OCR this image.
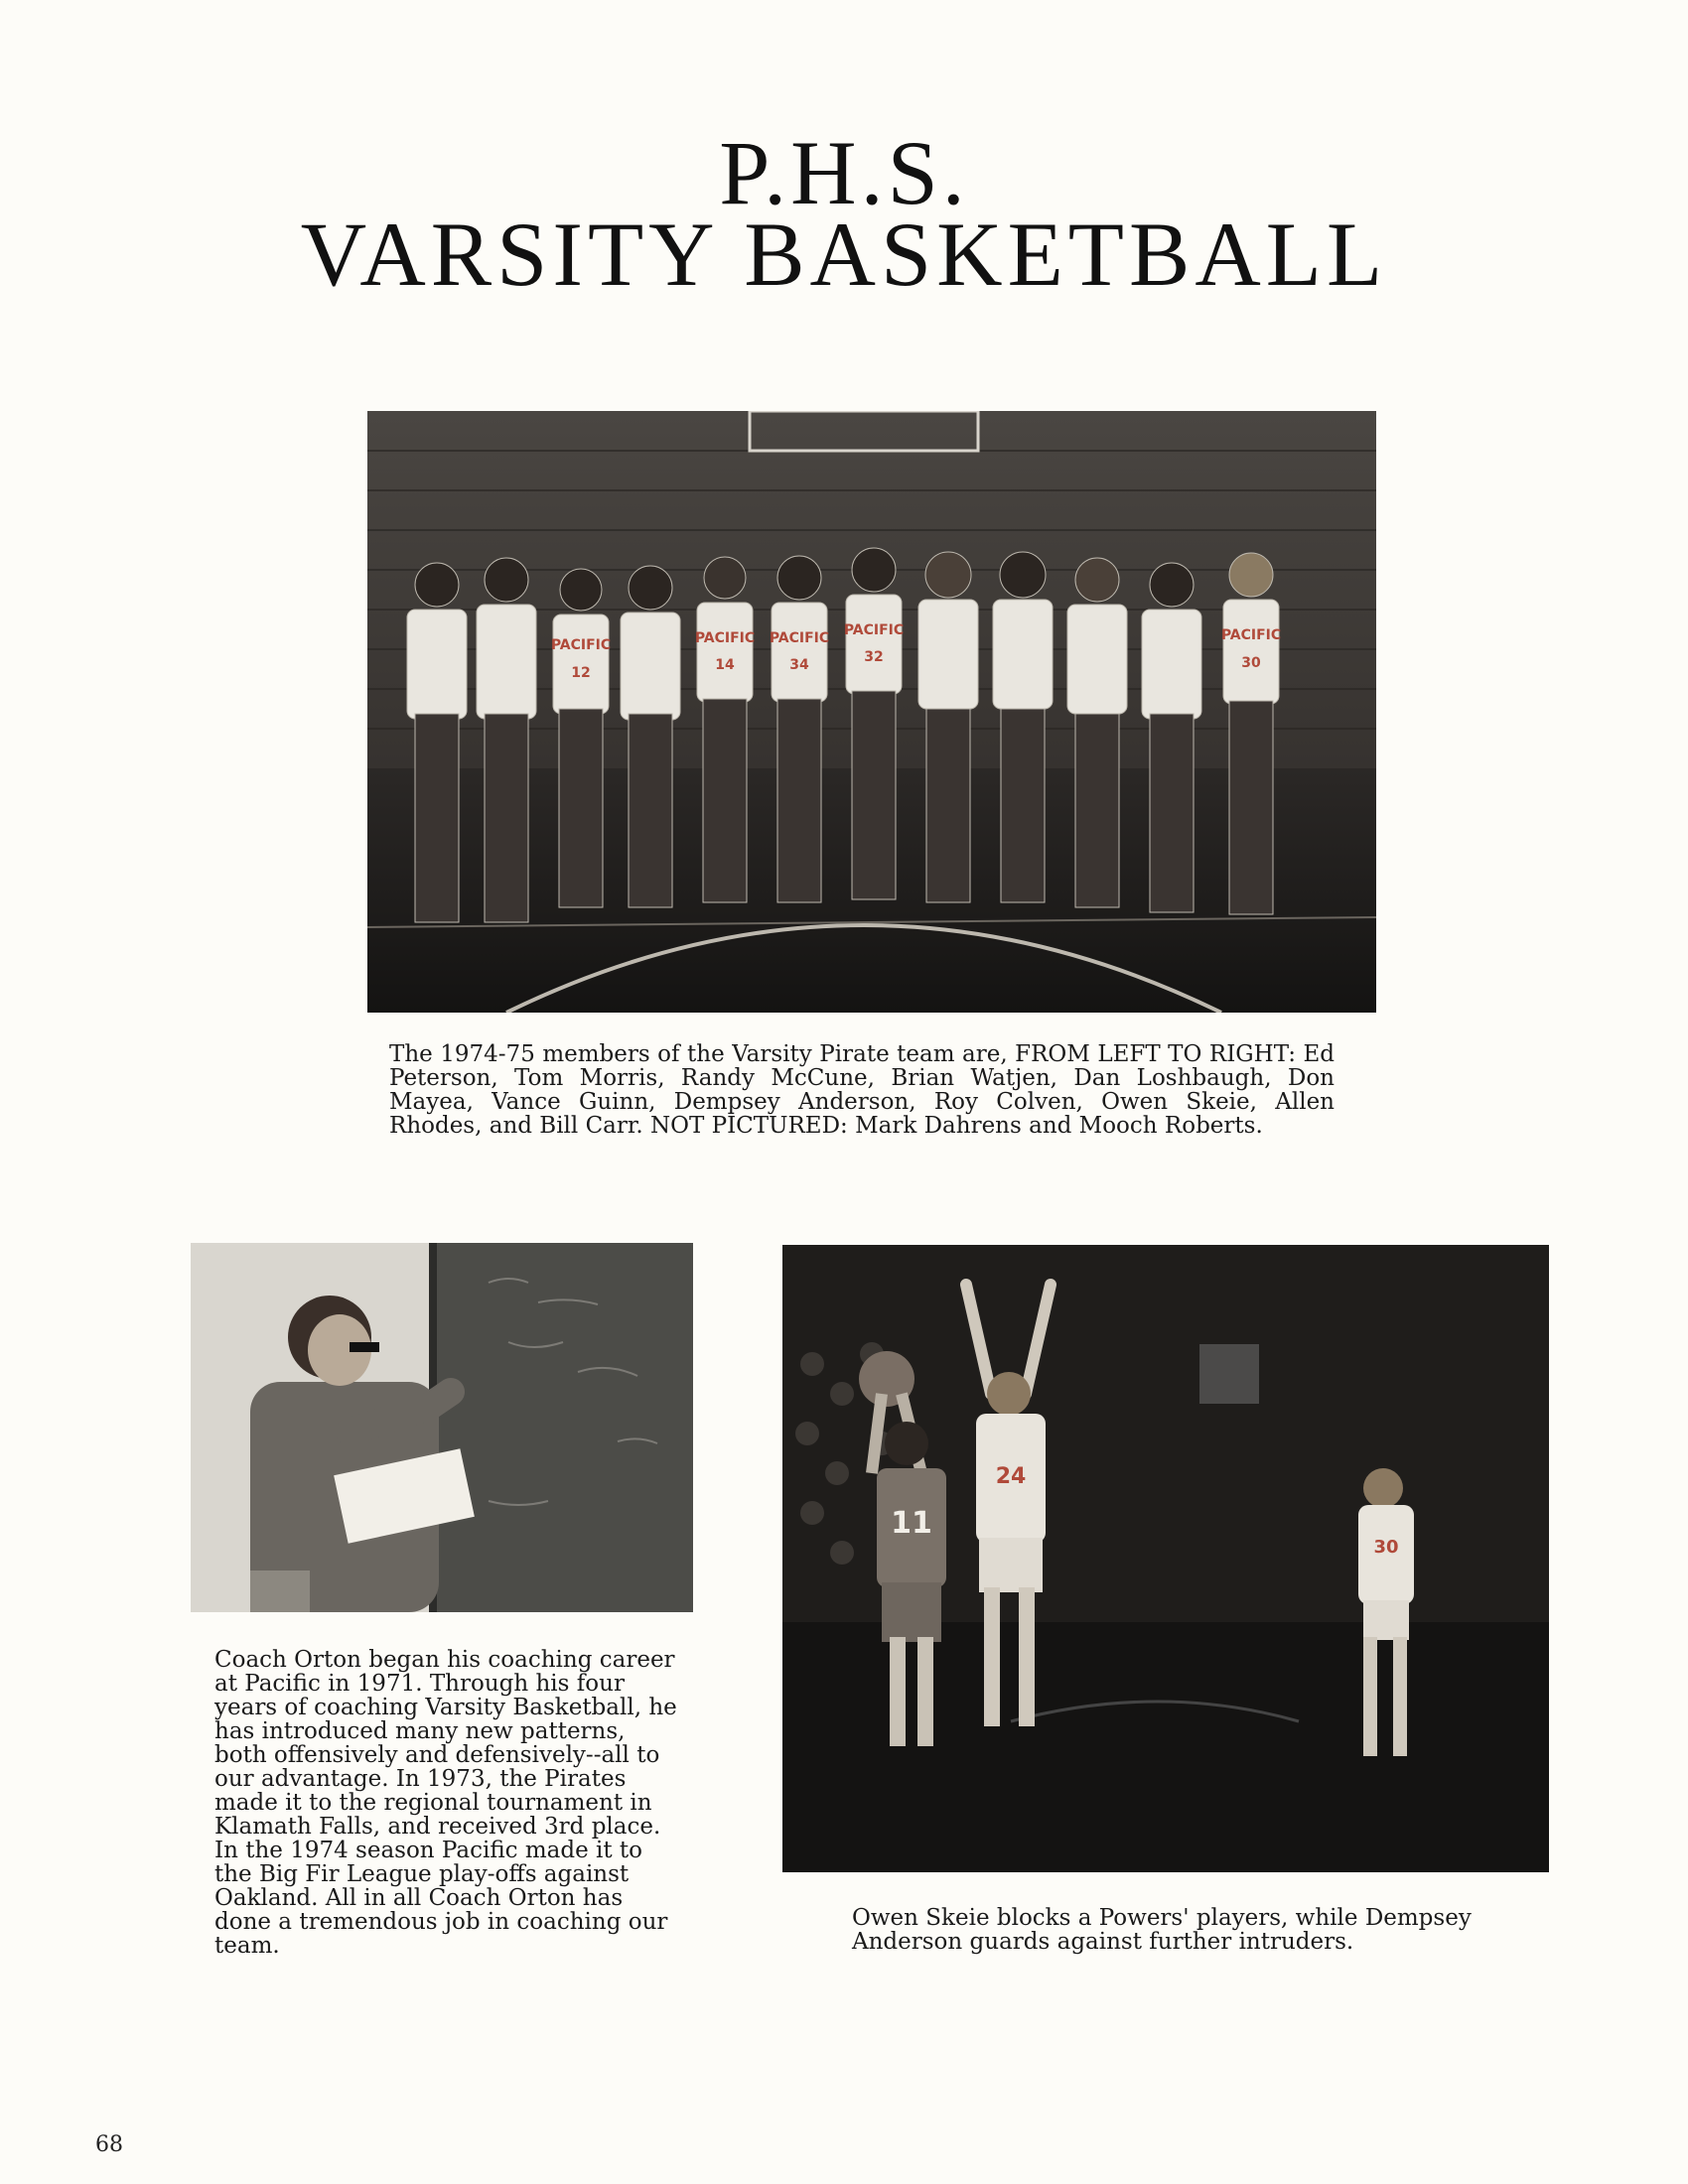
P.H.S.
VARSITY BASKETBALL
PACIFIC
12
PACIFIC
14
PACIFIC
34
PACIFIC
32
PACIFIC
30

The 1974-75 members of the Varsity Pirate team are, FROM LEFT TO RIGHT: Ed Peterson, Tom Morris, Randy McCune, Brian Watjen, Dan Loshbaugh, Don Mayea, Vance Guinn, Dempsey Anderson, Roy Colven, Owen Skeie, Allen Rhodes, and Bill Carr. NOT PICTURED: Mark Dahrens and Mooch Roberts.

Coach Orton began his coaching career at Pacific in 1971. Through his four years of coaching Varsity Basketball, he has introduced many new patterns, both offensively and defensively--all to our advantage. In 1973, the Pirates made it to the regional tournament in Klamath Falls, and received 3rd place. In the 1974 season Pacific made it to the Big Fir League play-offs against Oakland. All in all Coach Orton has done a tremendous job in coaching our team.

11
24
30

Owen Skeie blocks a Powers' players, while Dempsey Anderson guards against further intruders.

68
